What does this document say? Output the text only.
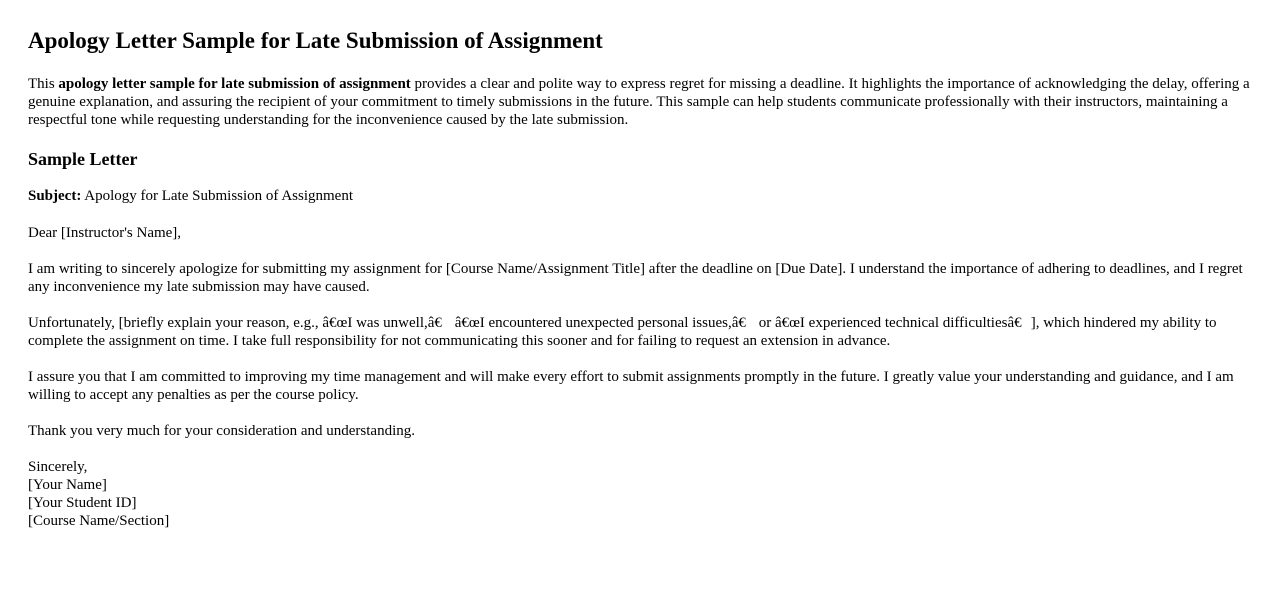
Apology Letter Sample for Late Submission of Assignment

This apology letter sample for late submission of assignment provides a clear and polite way to express regret for missing a deadline. It highlights the importance of acknowledging the delay, offering a genuine explanation, and assuring the recipient of your commitment to timely submissions in the future. This sample can help students communicate professionally with their instructors, maintaining a respectful tone while requesting understanding for the inconvenience caused by the late submission.

Sample Letter

Subject: Apology for Late Submission of Assignment

Dear [Instructor's Name],

I am writing to sincerely apologize for submitting my assignment for [Course Name/Assignment Title] after the deadline on [Due Date]. I understand the importance of adhering to deadlines, and I regret any inconvenience my late submission may have caused.

Unfortunately, [briefly explain your reason, e.g., â€œI was unwell,â€ â€œI encountered unexpected personal issues,â€ or â€œI experienced technical difficultiesâ€], which hindered my ability to complete the assignment on time. I take full responsibility for not communicating this sooner and for failing to request an extension in advance.

I assure you that I am committed to improving my time management and will make every effort to submit assignments promptly in the future. I greatly value your understanding and guidance, and I am willing to accept any penalties as per the course policy.

Thank you very much for your consideration and understanding.

Sincerely,
[Your Name]
[Your Student ID]
[Course Name/Section]
